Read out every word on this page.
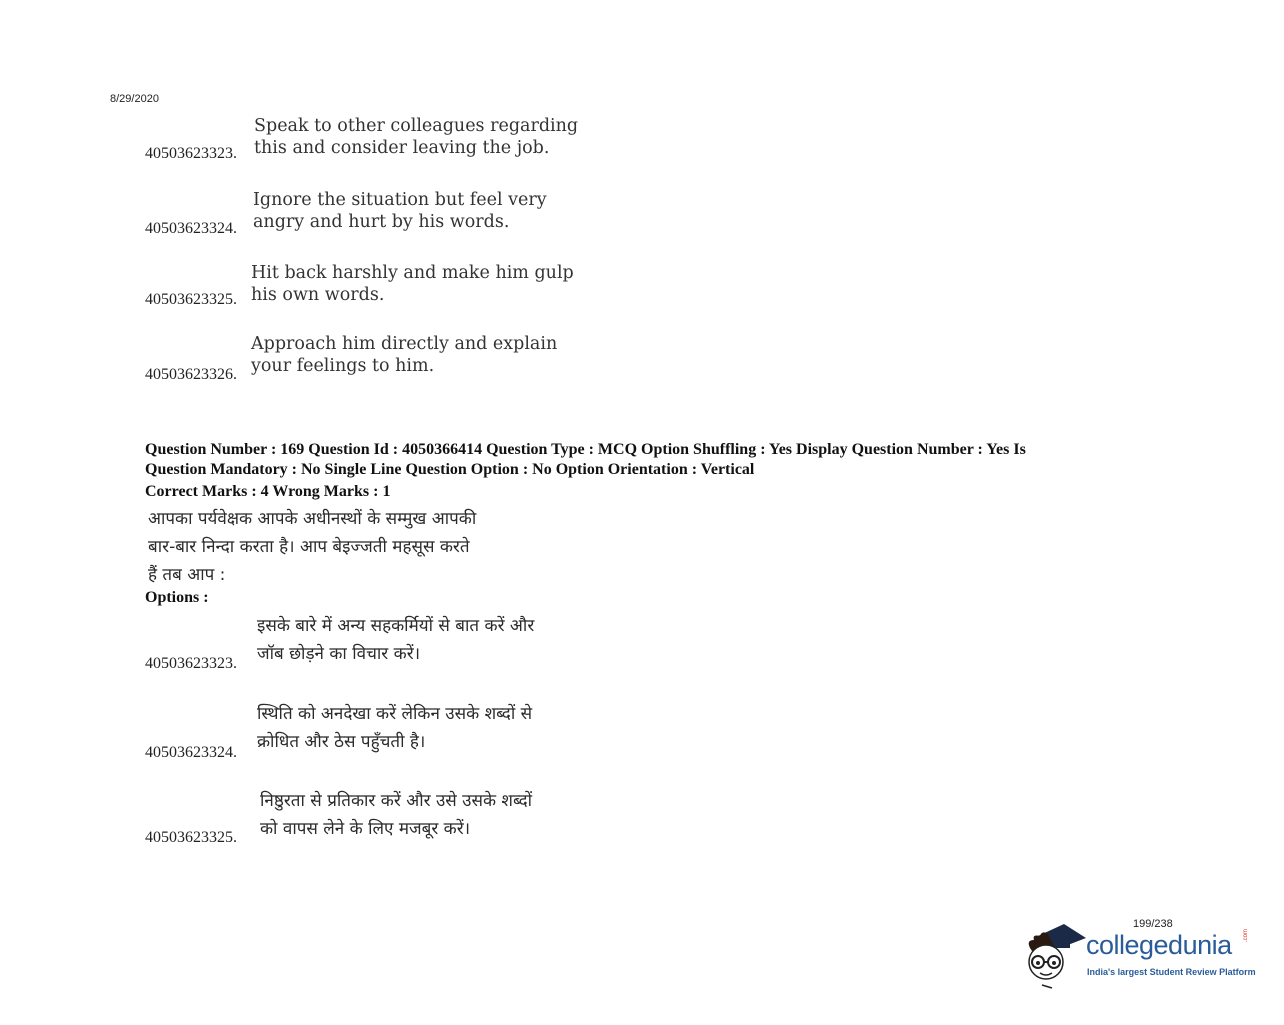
8/29/2020
40503623323.
Speak to other colleagues regarding
this and consider leaving the job.
40503623324.
Ignore the situation but feel very
angry and hurt by his words.
40503623325.
Hit back harshly and make him gulp
his own words.
40503623326.
Approach him directly and explain
your feelings to him.
Question Number : 169 Question Id : 4050366414 Question Type : MCQ Option Shuffling : Yes Display Question Number : Yes Is
Question Mandatory : No Single Line Question Option : No Option Orientation : Vertical
Correct Marks : 4 Wrong Marks : 1
आपका पर्यवेक्षक आपके अधीनस्थों के सम्मुख आपकी
बार-बार निन्दा करता है। आप बेइज्जती महसूस करते
हैं तब आप :
Options :
40503623323.
इसके बारे में अन्य सहकर्मियों से बात करें और
जॉब छोड़ने का विचार करें।
40503623324.
स्थिति को अनदेखा करें लेकिन उसके शब्दों से
क्रोधित और ठेस पहुँचती है।
40503623325.
निष्ठुरता से प्रतिकार करें और उसे उसके शब्दों
को वापस लेने के लिए मजबूर करें।
199/238
collegedunia .com
India's largest Student Review Platform
